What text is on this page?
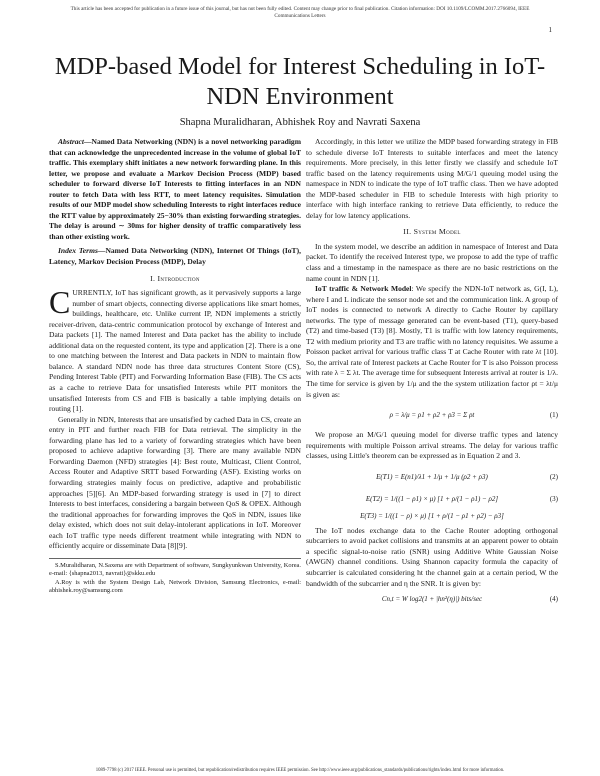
This article has been accepted for publication in a future issue of this journal, but has not been fully edited. Content may change prior to final publication. Citation information: DOI 10.1109/LCOMM.2017.2766094, IEEE
Communications Letters
1
MDP-based Model for Interest Scheduling in IoT-NDN Environment
Shapna Muralidharan, Abhishek Roy and Navrati Saxena

Abstract—Named Data Networking (NDN) is a novel networking paradigm that can acknowledge the unprecedented increase in the volume of global IoT traffic. This exemplary shift initiates a new network forwarding plane. In this letter, we propose and evaluate a Markov Decision Process (MDP) based scheduler to forward diverse IoT Interests to fitting interfaces in an NDN router to fetch Data with less RTT, to meet latency requisites. Simulation results of our MDP model show scheduling Interests to right interfaces reduce the RTT value by approximately 25−30% than existing forwarding strategies. The delay is around ∼ 30ms for higher density of traffic comparatively less than other existing work.

Index Terms—Named Data Networking (NDN), Internet Of Things (IoT), Latency, Markov Decision Process (MDP), Delay

I. Introduction

CURRENTLY, IoT has significant growth, as it pervasively supports a large number of smart objects, connecting diverse applications like smart homes, buildings, healthcare, etc. Unlike current IP, NDN implements a strictly receiver-driven, data-centric communication protocol by exchange of Interest and Data packets [1]. The named Interest and Data packet has the ability to include additional data on the requested content, its type and application [2]. There is a one to one matching between the Interest and Data packets in NDN to maintain flow balance. A standard NDN node has three data structures Content Store (CS), Pending Interest Table (PIT) and Forwarding Information Base (FIB). The CS acts as a cache to retrieve Data for unsatisfied Interests while PIT monitors the unsatisfied Interests from CS and FIB is basically a table implying details on routing [1].

Generally in NDN, Interests that are unsatisfied by cached Data in CS, create an entry in PIT and further reach FIB for Data retrieval. The simplicity in the forwarding plane has led to a variety of forwarding strategies which have been proposed to achieve adaptive forwarding [3]. There are many available NDN Forwarding Daemon (NFD) strategies [4]: Best route, Multicast, Client Control, Access Router and Adaptive SRTT based Forwarding (ASF). Existing works on forwarding strategies mainly focus on predictive, adaptive and probabilistic approaches [5][6]. An MDP-based forwarding strategy is used in [7] to direct Interests to best interfaces, considering a bargain between QoS & OPEX. Although the traditional approaches for forwarding improves the QoS in NDN, issues like delay existed, which does not suit delay-intolerant applications in IoT. Moreover each IoT traffic type needs different treatment while integrating with NDN to efficiently acquire or disseminate Data [8][9].

S.Muralidharan, N.Saxena are with Department of software, Sungkyunkwan University, Korea. e-mail: {shapna2013, navrati}@skku.edu
A.Roy is with the System Design Lab, Network Division, Samsung Electronics, e-mail: abhishek.roy@samsung.com

Accordingly, in this letter we utilize the MDP based forwarding strategy in FIB to schedule diverse IoT Interests to suitable interfaces and meet the latency requirements. More precisely, in this letter firstly we classify and schedule IoT traffic based on the latency requirements using M/G/1 queuing model using the namespace in NDN to indicate the type of IoT traffic class. Then we have adopted the MDP-based scheduler in FIB to schedule Interests with high priority to interface with high interface ranking to retrieve Data efficiently, to reduce the delay for low latency applications.

II. System Model

In the system model, we describe an addition in namespace of Interest and Data packet. To identify the received Interest type, we propose to add the type of traffic class and a timestamp in the namespace as there are no basic restrictions on the name count in NDN [1].

IoT traffic & Network Model: We specify the NDN-IoT network as, G(I, L), where I and L indicate the sensor node set and the communication link. A group of IoT nodes is connected to network A directly to Cache Router by capillary networks. The type of message generated can be event-based (T1), query-based (T2) and time-based (T3) [8]. Mostly, T1 is traffic with low latency requirements, T2 with medium priority and T3 are traffic with no latency requisites. We assume a Poisson packet arrival for various traffic class T at Cache Router with rate λt [10]. So, the arrival rate of Interest packets at Cache Router for T is also Poisson process with rate λ = Σ λt. The average time for subsequent Interests arrival at router is 1/λ. The time for service is given by 1/μ and the the system utilization factor ρt = λt/μ is given as:

ρ = λ/μ = ρ1 + ρ2 + ρ3 = Σ ρt	(1)

We propose an M/G/1 queuing model for diverse traffic types and latency requirements with multiple Poisson arrival streams. The delay for various traffic classes, using Little's theorem can be expressed as in Equation 2 and 3.

E(T1) = E(n1)/λ1 + 1/μ + 1/μ (ρ2 + ρ3)	(2)
E(T2) = 1/((1 − ρ1) × μ) [1 + ρ/(1 − ρ1) − ρ2]	(3)
E(T3) = 1/((1 − ρ) × μ) [1 + ρ/(1 − ρ1 + ρ2) − ρ3]

The IoT nodes exchange data to the Cache Router adopting orthogonal subcarriers to avoid packet collisions and transmits at an apparent power to obtain a specific signal-to-noise ratio (SNR) using Additive White Gaussian Noise (AWGN) channel conditions. Using Shannon capacity formula the capacity of subcarrier is calculated considering ht the channel gain at a certain period, W the bandwidth of the subcarrier and η the SNR. It is given by:

Cn,t = W log2(1 + |hn²(η)|) bits/sec	(4)
1089-7798 (c) 2017 IEEE. Personal use is permitted, but republication/redistribution requires IEEE permission. See http://www.ieee.org/publications_standards/publications/rights/index.html for more information.
